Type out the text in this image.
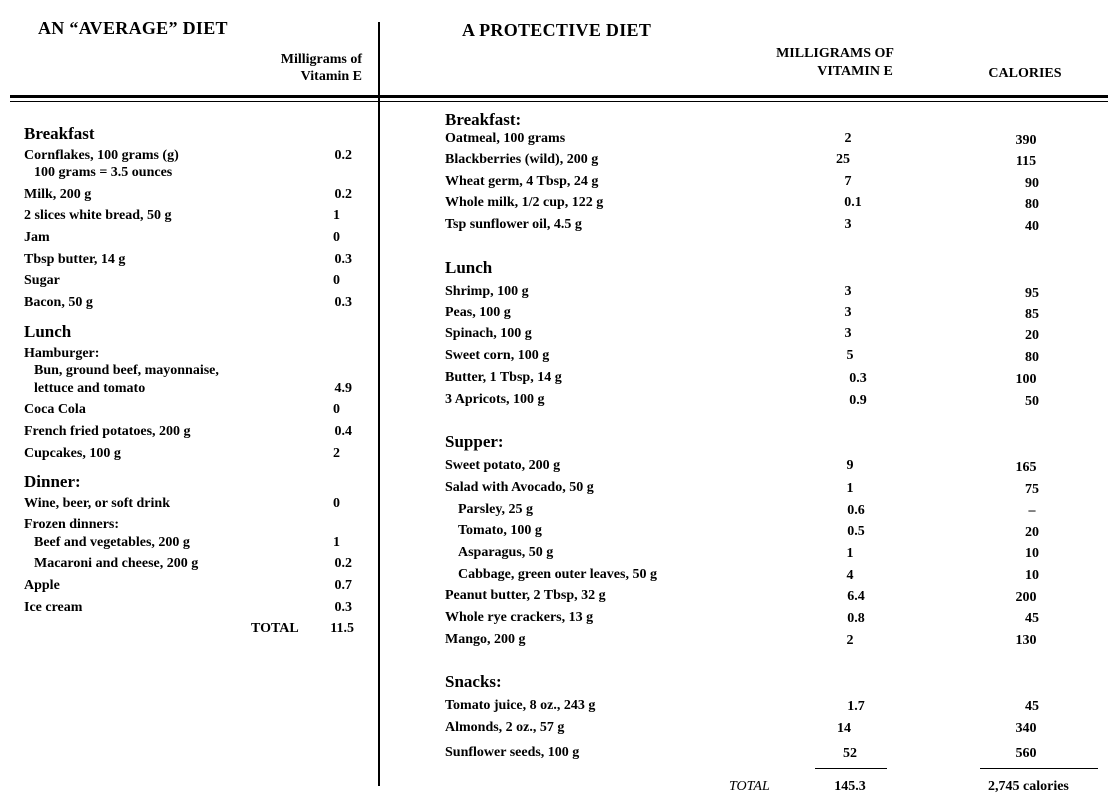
AN “AVERAGE” DIET
Milligrams of
Vitamin E
Breakfast
Lunch
Dinner:
Cornflakes, 100 grams (g)	0.2
100 grams = 3.5 ounces
Milk, 200 g	0.2
2 slices white bread, 50 g	1
Jam	0
Tbsp butter, 14 g	0.3
Sugar	0
Bacon, 50 g	0.3
Hamburger:
Bun, ground beef, mayonnaise,
lettuce and tomato	4.9
Coca Cola	0
French fried potatoes, 200 g	0.4
Cupcakes, 100 g	2
Wine, beer, or soft drink	0
Frozen dinners:
Beef and vegetables, 200 g	1
Macaroni and cheese, 200 g	0.2
Apple	0.7
Ice cream	0.3
TOTAL	11.5
A PROTECTIVE DIET
MILLIGRAMS OF
VITAMIN E	CALORIES
Breakfast:
Lunch
Supper:
Snacks:
Oatmeal, 100 grams	2	390
Blackberries (wild), 200 g	25	115
Wheat germ, 4 Tbsp, 24 g	7	90
Whole milk, 1/2 cup, 122 g	0.1	80
Tsp sunflower oil, 4.5 g	3	40
Shrimp, 100 g	3	95
Peas, 100 g	3	85
Spinach, 100 g	3	20
Sweet corn, 100 g	5	80
Butter, 1 Tbsp, 14 g	0.3	100
3 Apricots, 100 g	0.9	50
Sweet potato, 200 g	9	165
Salad with Avocado, 50 g	1	75
Parsley, 25 g	0.6	–
Tomato, 100 g	0.5	20
Asparagus, 50 g	1	10
Cabbage, green outer leaves, 50 g	4	10
Peanut butter, 2 Tbsp, 32 g	6.4	200
Whole rye crackers, 13 g	0.8	45
Mango, 200 g	2	130
Tomato juice, 8 oz., 243 g	1.7	45
Almonds, 2 oz., 57 g	14	340
Sunflower seeds, 100 g	52	560
TOTAL	145.3	2,745 calories
